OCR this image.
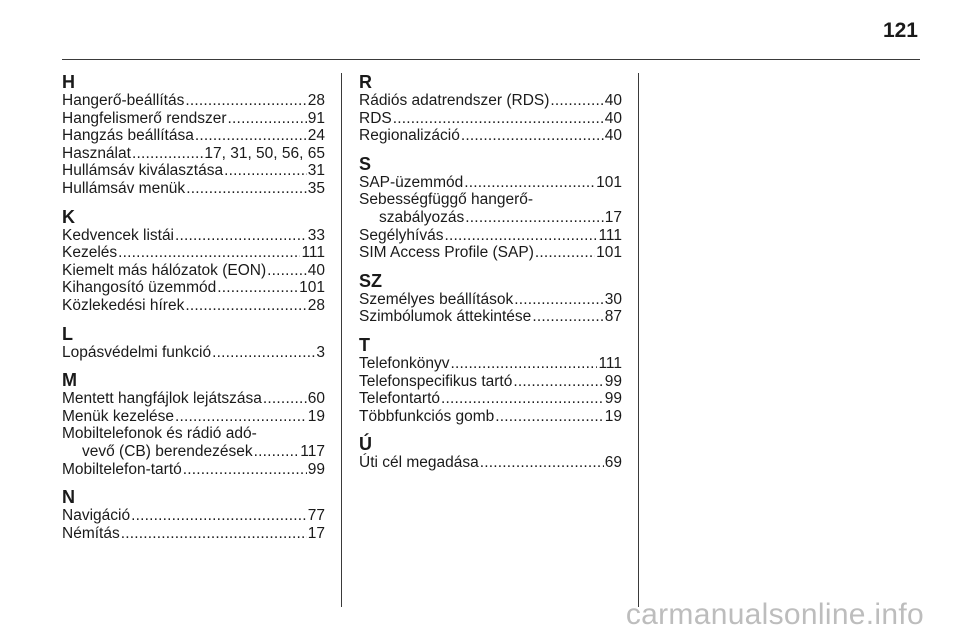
121
H
Hangerő-beállítás .....	28
Hangfelismerő rendszer .....	91
Hangzás beállítása .....	24
Használat .....	17, 31, 50, 56, 65
Hullámsáv kiválasztása .....	31
Hullámsáv menük .....	35
K
Kedvencek listái .....	33
Kezelés .....	111
Kiemelt más hálózatok (EON) .....	40
Kihangosító üzemmód .....	101
Közlekedési hírek .....	28
L
Lopásvédelmi funkció .....	3
M
Mentett hangfájlok lejátszása .....	60
Menük kezelése .....	19
Mobiltelefonok és rádió adó-
vevő (CB) berendezések .....	117
Mobiltelefon-tartó .....	99
N
Navigáció .....	77
Némítás .....	17
R
Rádiós adatrendszer (RDS) .....	40
RDS .....	40
Regionalizáció .....	40
S
SAP-üzemmód .....	101
Sebességfüggő hangerő-
szabályozás .....	17
Segélyhívás .....	111
SIM Access Profile (SAP) .....	101
SZ
Személyes beállítások .....	30
Szimbólumok áttekintése .....	87
T
Telefonkönyv .....	111
Telefonspecifikus tartó .....	99
Telefontartó .....	99
Többfunkciós gomb .....	19
Ú
Úti cél megadása .....	69
carmanualsonline.info
